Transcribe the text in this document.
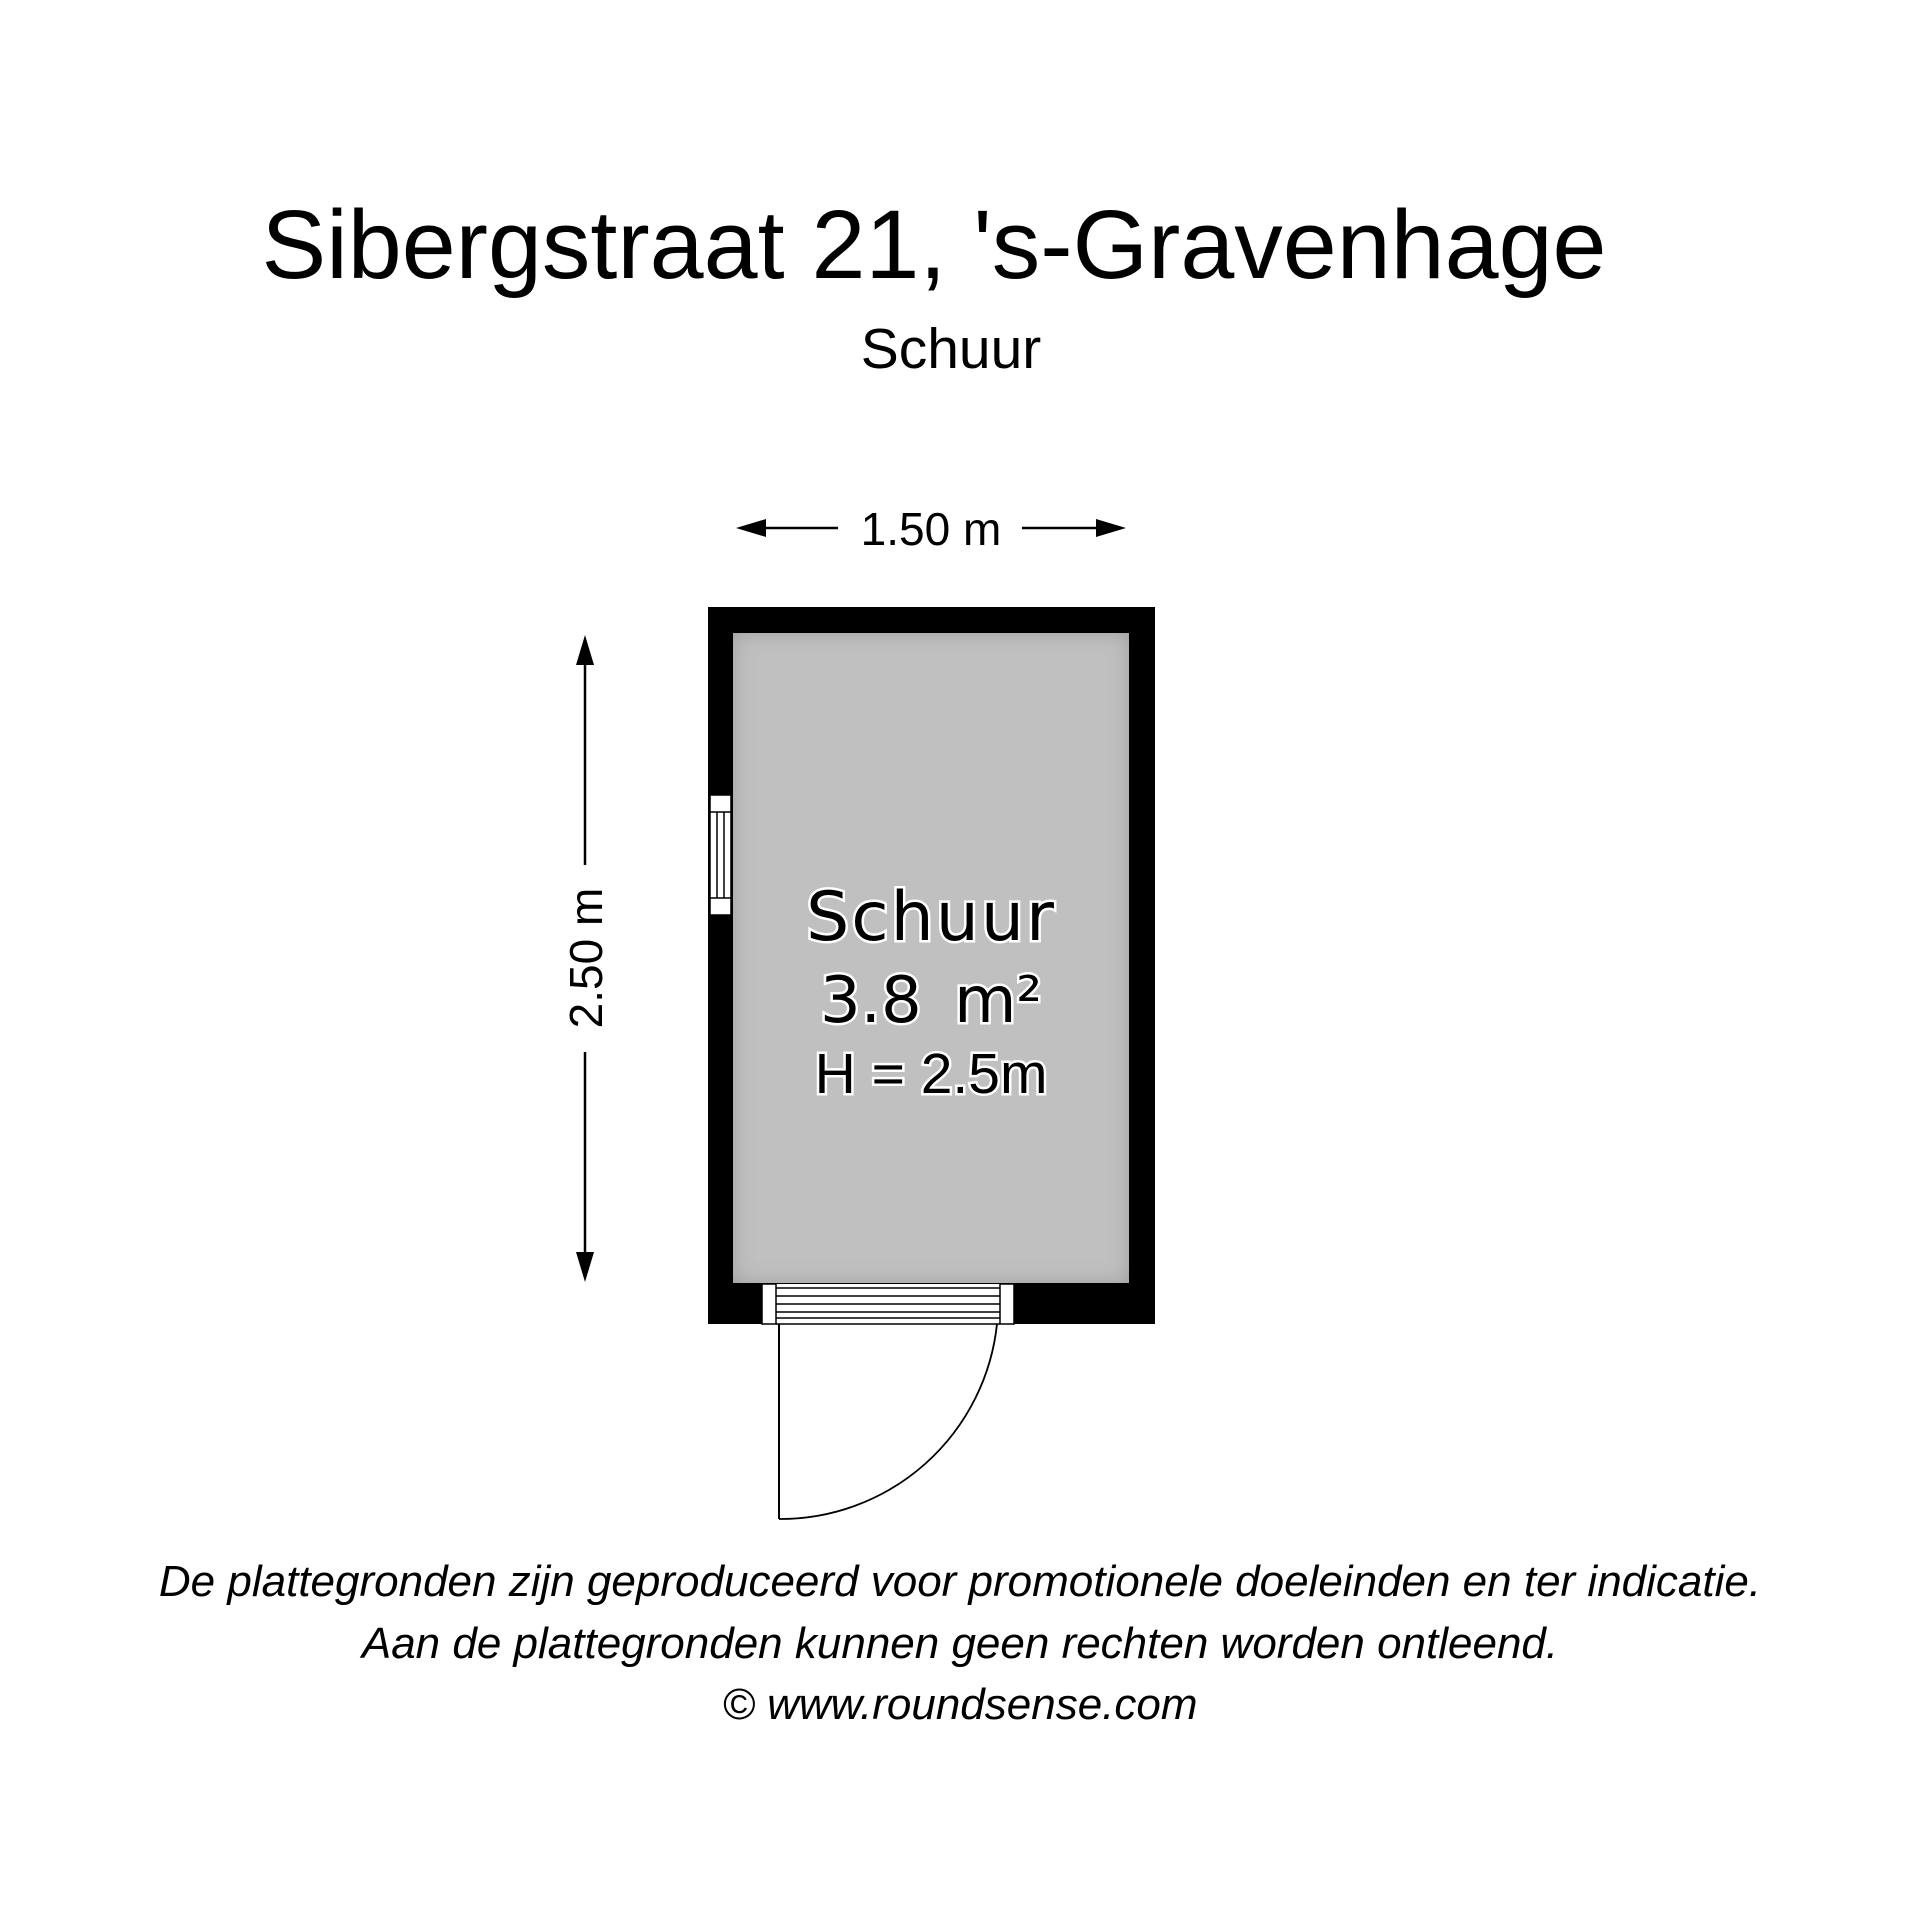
Sibergstraat 21, 's-Gravenhage
Schuur
1.50 m
2.50 m	Schuur
3.8 m²
H = 2.5m
De plattegronden zijn geproduceerd voor promotionele doeleinden en ter indicatie.
Aan de plattegronden kunnen geen rechten worden ontleend.
© www.roundsense.com
